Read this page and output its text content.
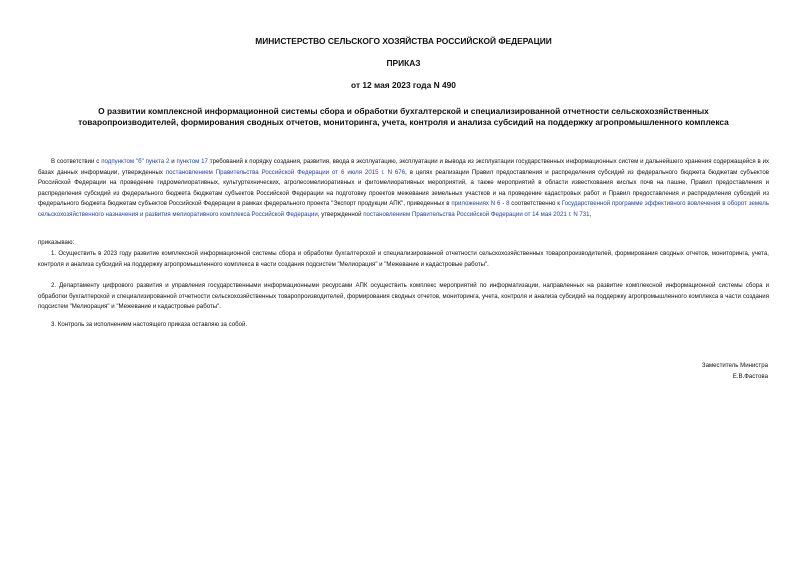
МИНИСТЕРСТВО СЕЛЬСКОГО ХОЗЯЙСТВА РОССИЙСКОЙ ФЕДЕРАЦИИ
ПРИКАЗ
от 12 мая 2023 года N 490
О развитии комплексной информационной системы сбора и обработки бухгалтерской и специализированной отчетности сельскохозяйственных товаропроизводителей, формирования сводных отчетов, мониторинга, учета, контроля и анализа субсидий на поддержку агропромышленного комплекса

В соответствии с подпунктом "б" пункта 2 и пунктом 17 требований к порядку создания, развития, ввода в эксплуатацию, эксплуатации и вывода из эксплуатации государственных информационных систем и дальнейшего хранения содержащейся в их базах данных информации, утвержденных постановлением Правительства Российской Федерации от 6 июля 2015 г. N 676, в целях реализации Правил предоставления и распределения субсидий из федерального бюджета бюджетам субъектов Российской Федерации на проведение гидромелиоративных, культуртехнических, агролесомелиоративных и фитомелиоративных мероприятий, а также мероприятий в области известкования кислых почв на пашне, Правил предоставления и распределения субсидий из федерального бюджета бюджетам субъектов Российской Федерации на подготовку проектов межевания земельных участков и на проведение кадастровых работ и Правил предоставления и распределения субсидий из федерального бюджета бюджетам субъектов Российской Федерации в рамках федерального проекта "Экспорт продукции АПК", приведенных в приложениях N 6 - 8 соответственно к Государственной программе эффективного вовлечения в оборот земель сельскохозяйственного назначения и развития мелиоративного комплекса Российской Федерации, утвержденной постановлением Правительства Российской Федерации от 14 мая 2021 г. N 731,

приказываю:

1. Осуществить в 2023 году развитие комплексной информационной системы сбора и обработки бухгалтерской и специализированной отчетности сельскохозяйственных товаропроизводителей, формирования сводных отчетов, мониторинга, учета, контроля и анализа субсидий на поддержку агропромышленного комплекса в части создания подсистем "Мелиорация" и "Межевание и кадастровые работы".

2. Департаменту цифрового развития и управления государственными информационными ресурсами АПК осуществить комплекс мероприятий по информатизации, направленных на развитие комплексной информационной системы сбора и обработки бухгалтерской и специализированной отчетности сельскохозяйственных товаропроизводителей, формирования сводных отчетов, мониторинга, учета, контроля и анализа субсидий на поддержку агропромышленного комплекса в части создания подсистем "Мелиорация" и "Межевание и кадастровые работы".

3. Контроль за исполнением настоящего приказа оставляю за собой.

Заместитель Министра
Е.В.Фастова
